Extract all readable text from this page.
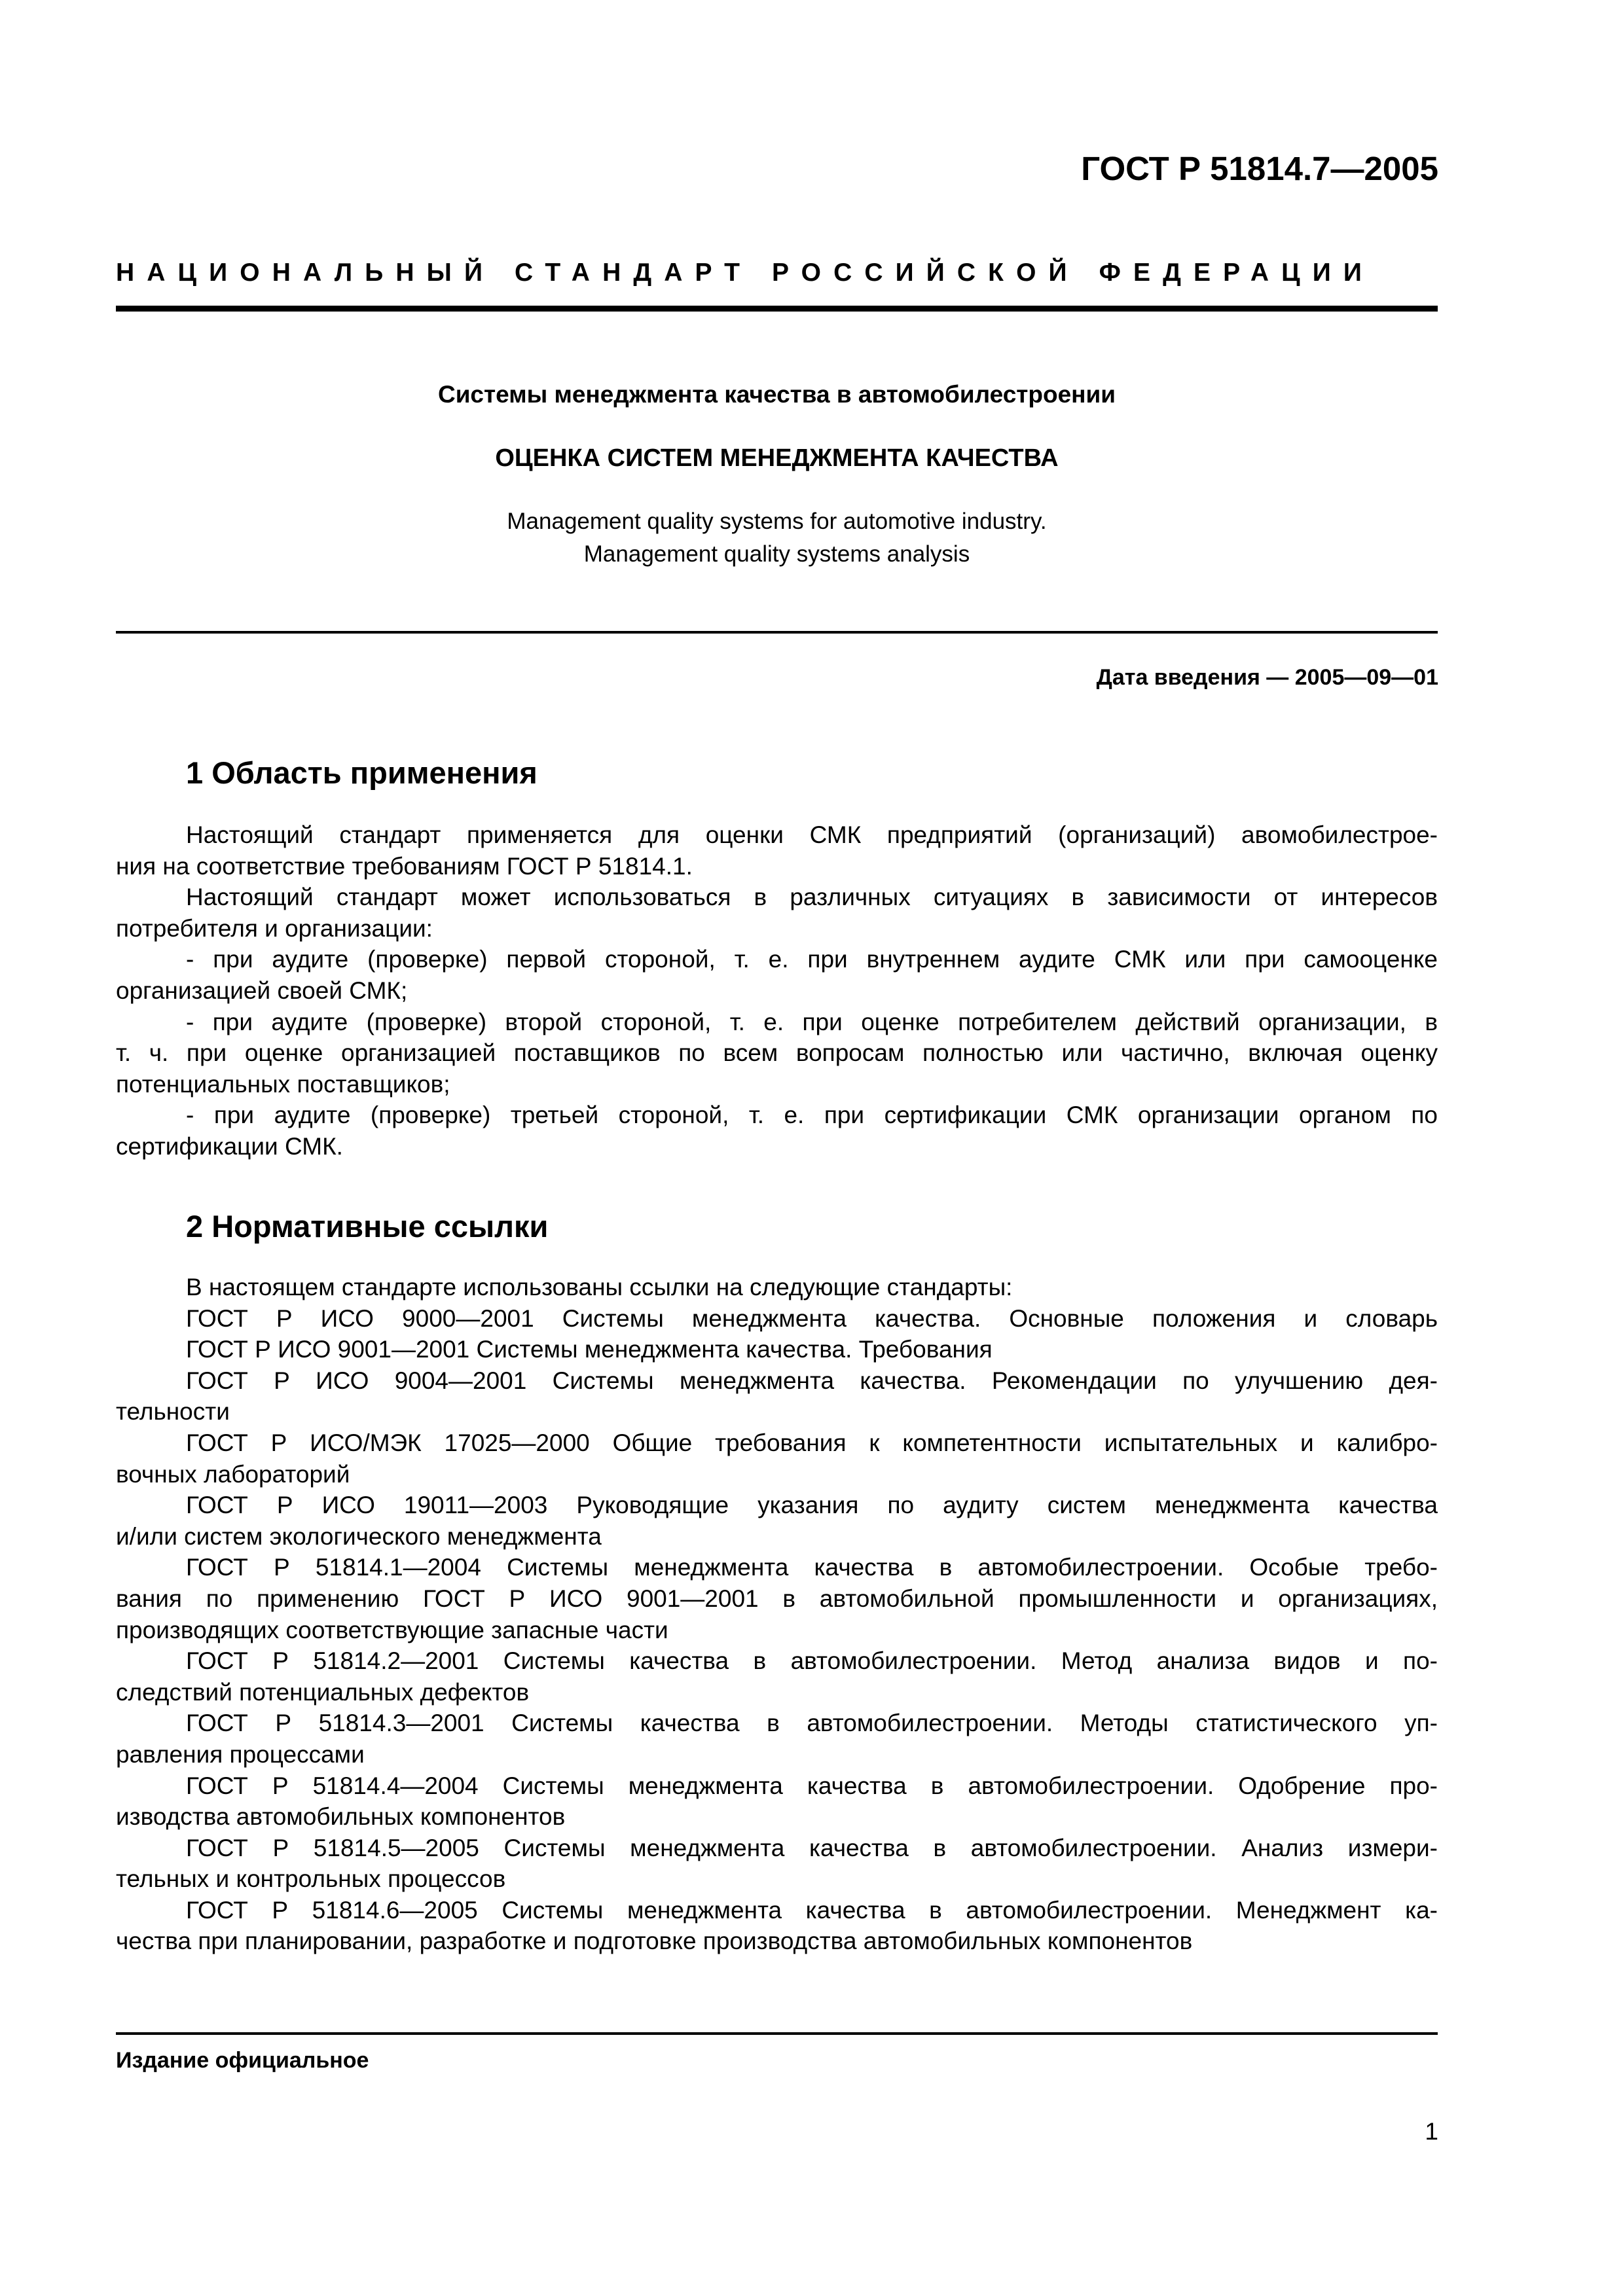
ГОСТ Р 51814.7—2005
НАЦИОНАЛЬНЫЙ СТАНДАРТ РОССИЙСКОЙ ФЕДЕРАЦИИ
Системы менеджмента качества в автомобилестроении
ОЦЕНКА СИСТЕМ МЕНЕДЖМЕНТА КАЧЕСТВА
Management quality systems for automotive industry.
Management quality systems analysis
Дата введения — 2005—09—01
1 Область применения
Настоящий стандарт применяется для оценки СМК предприятий (организаций) авомобилестрое-
ния на соответствие требованиям ГОСТ Р 51814.1.
Настоящий стандарт может использоваться в различных ситуациях в зависимости от интересов
потребителя и организации:
- при аудите (проверке) первой стороной, т. е. при внутреннем аудите СМК или при самооценке
организацией своей СМК;
- при аудите (проверке) второй стороной, т. е. при оценке потребителем действий организации, в
т. ч. при оценке организацией поставщиков по всем вопросам полностью или частично, включая оценку
потенциальных поставщиков;
- при аудите (проверке) третьей стороной, т. е. при сертификации СМК организации органом по
сертификации СМК.
2 Нормативные ссылки
В настоящем стандарте использованы ссылки на следующие стандарты:
ГОСТ Р ИСО 9000—2001 Системы менеджмента качества. Основные положения и словарь
ГОСТ Р ИСО 9001—2001 Системы менеджмента качества. Требования
ГОСТ Р ИСО 9004—2001 Системы менеджмента качества. Рекомендации по улучшению дея-
тельности
ГОСТ Р ИСО/МЭК 17025—2000 Общие требования к компетентности испытательных и калибро-
вочных лабораторий
ГОСТ Р ИСО 19011—2003 Руководящие указания по аудиту систем менеджмента качества
и/или систем экологического менеджмента
ГОСТ Р 51814.1—2004 Системы менеджмента качества в автомобилестроении. Особые требо-
вания по применению ГОСТ Р ИСО 9001—2001 в автомобильной промышленности и организациях,
производящих соответствующие запасные части
ГОСТ Р 51814.2—2001 Системы качества в автомобилестроении. Метод анализа видов и по-
следствий потенциальных дефектов
ГОСТ Р 51814.3—2001 Системы качества в автомобилестроении. Методы статистического уп-
равления процессами
ГОСТ Р 51814.4—2004 Системы менеджмента качества в автомобилестроении. Одобрение про-
изводства автомобильных компонентов
ГОСТ Р 51814.5—2005 Системы менеджмента качества в автомобилестроении. Анализ измери-
тельных и контрольных процессов
ГОСТ Р 51814.6—2005 Системы менеджмента качества в автомобилестроении. Менеджмент ка-
чества при планировании, разработке и подготовке производства автомобильных компонентов
Издание официальное
1
